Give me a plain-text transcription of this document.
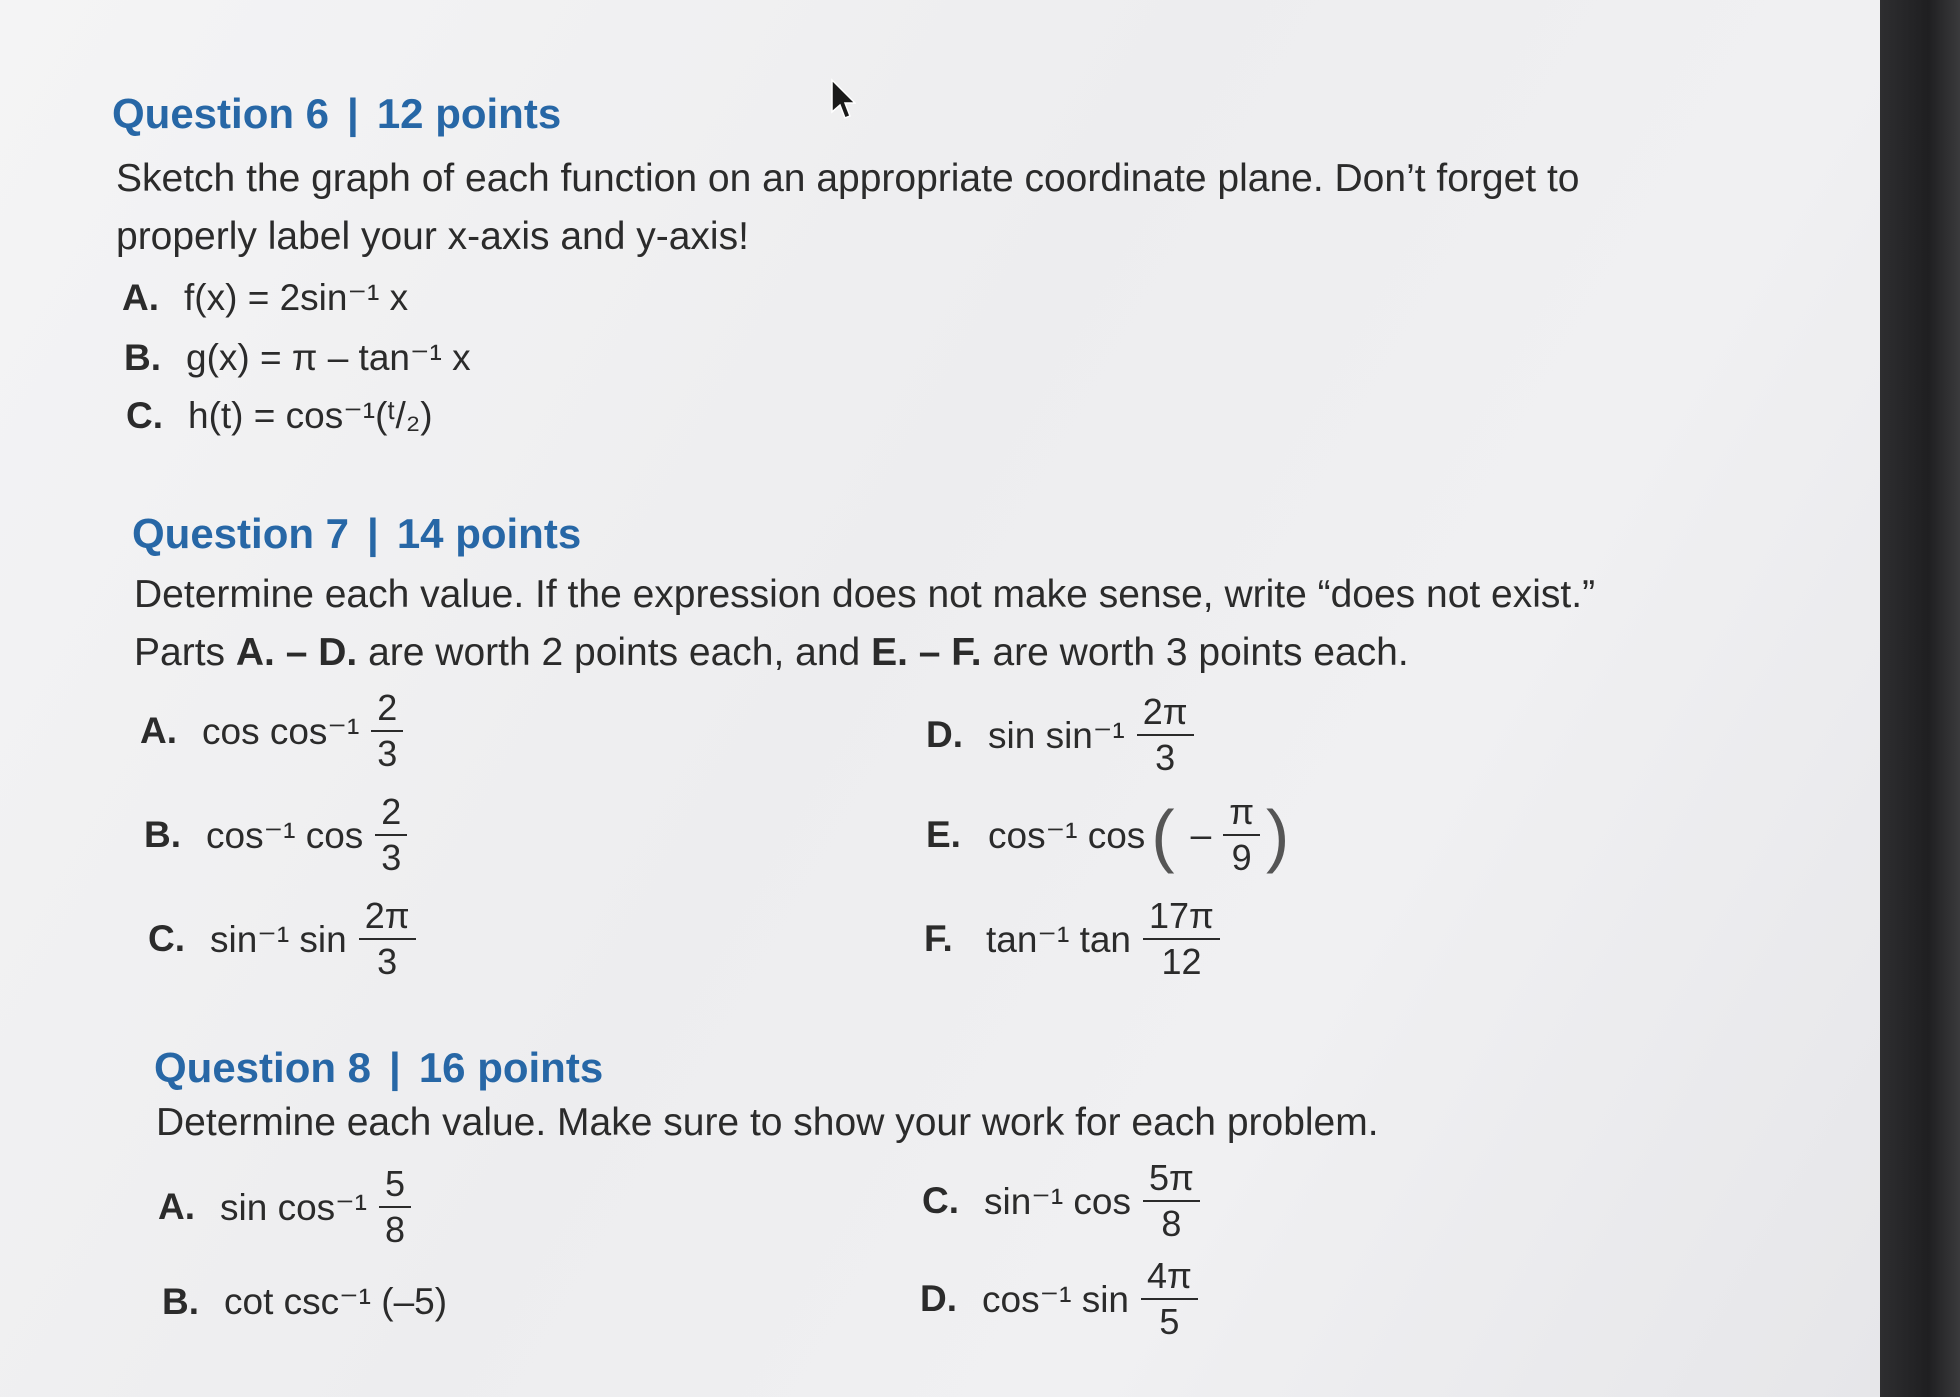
Question 6 | 12 points

Sketch the graph of each function on an appropriate coordinate plane. Don’t forget to properly label your x-axis and y-axis!

A. f(x) = 2sin⁻¹ x
B. g(x) = π – tan⁻¹ x
C. h(t) = cos⁻¹(ᵗ/₂)
Question 7 | 14 points

Determine each value. If the expression does not make sense, write “does not exist.”
Parts A. – D. are worth 2 points each, and E. – F. are worth 3 points each.

A. $\cos \cos^{-1} \frac{2}{3}$
B. cos⁻¹ $\cos \frac{2}{3}$
C. sin⁻¹ $\sin \frac{2\pi}{3}$
D. $\sin \sin^{-1} \frac{2\pi}{3}$
E. cos⁻¹ cos ( – $\frac{\pi}{9}$ )
F. tan⁻¹ $\tan \frac{17\pi}{12}$
Question 8 | 16 points

Determine each value. Make sure to show your work for each problem.

A. $\sin \cos^{-1} \frac{5}{8}$
B. cot csc⁻¹ (–5)
C. sin⁻¹ $\cos \frac{5\pi}{8}$
D. cos⁻¹ $\sin \frac{4\pi}{5}$
